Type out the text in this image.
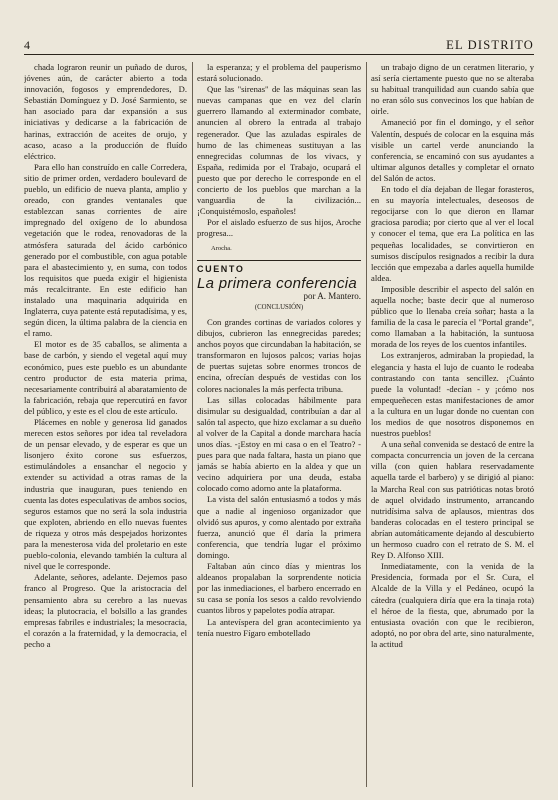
4	EL DISTRITO

chada lograron reunir un puñado de duros, jóvenes aún, de carácter abierto a toda innovación, fogosos y emprendedores, D. Sebastián Domínguez y D. José Sarmiento, se han asociado para dar expansión a sus iniciativas y dedicarse a la fabricación de harinas, extracción de aceites de orujo, y acaso, acaso a la producción de fluído eléctrico.

Para ello han construído en calle Corredera, sitio de primer orden, verdadero boulevard de pueblo, un edificio de nueva planta, amplio y oreado, con grandes ventanales que establezcan sanas corrientes de aire impregnado del oxígeno de lo abundosa vegetación que le rodea, renovadoras de la atmósfera saturada del ácido carbónico generado por el combustible, con agua potable para el abastecimiento y, en suma, con todos los requisitos que pueda exigir el higienista más recalcitrante. En este edificio han instalado una maquinaria adquirida en Inglaterra, cuya patente está reputadísima, y es, según dicen, la última palabra de la ciencia en el ramo.

El motor es de 35 caballos, se alimenta a base de carbón, y siendo el vegetal aquí muy económico, pues este pueblo es un abundante centro productor de esta materia prima, necesariamente contribuirá al abaratamiento de la fabricación, rebaja que repercutirá en favor del público, y este es el clou de este artículo.

Plácemes en noble y generosa lid ganados merecen estos señores por idea tal reveladora de un pensar elevado, y de esperar es que un lisonjero éxito corone sus esfuerzos, estimulándoles a ensanchar el negocio y extender su actividad a otras ramas de la industria que inauguran, pues teniendo en cuenta las dotes especulativas de ambos socios, seguros estamos que no será la sola industria que exploten, abriendo en ello nuevas fuentes de riqueza y otros más despejados horizontes para la menesterosa vida del proletario en este pueblo-colonia, elevando también la cultura al nivel que le corresponde.

Adelante, señores, adelante. Dejemos paso franco al Progreso. Que la aristocracia del pensamiento abra su cerebro a las nuevas ideas; la plutocracia, el bolsillo a las grandes empresas fabriles e industriales; la mesocracia, el corazón a la fraternidad, y la democracia, el pecho a

la esperanza; y el problema del pauperismo estará solucionado.

Que las "sirenas" de las máquinas sean las nuevas campanas que en vez del clarín guerrero llamando al exterminador combate, anuncien al obrero la entrada al trabajo regenerador. Que las azuladas espirales de humo de las chimeneas sustituyan a las ennegrecidas columnas de los vivacs, y España, redimida por el Trabajo, ocupará el puesto que por derecho le corresponde en el concierto de los pueblos que marchan a la vanguardia de la civilización... ¡Conquistémoslo, españoles!

Por el aislado esfuerzo de sus hijos, Aroche progresa...

Arocha.

CUENTO

La primera conferencia

por A. Mantero.

(CONCLUSIÓN)

Con grandes cortinas de variados colores y dibujos, cubrieron las ennegrecidas paredes; anchos poyos que circundaban la habitación, se transformaron en lujosos palcos; varias hojas de puertas sujetas sobre enormes troncos de encina, ofrecían después de vestidas con los colores nacionales la más perfecta tribuna.

Las sillas colocadas hábilmente para disimular su desigualdad, contribuían a dar al salón tal aspecto, que hizo exclamar a su dueño al volver de la Capital a donde marchara hacía unos días. -¡Estoy en mi casa o en el Teatro? - pues para que nada faltara, hasta un piano que jamás se había abierto en la aldea y que un vecino adquiriera por una deuda, estaba colocado como adorno ante la plataforma.

La vista del salón entusiasmó a todos y más que a nadie al ingenioso organizador que olvidó sus apuros, y como alentado por extraña fuerza, anunció que él daría la primera conferencia, que tendría lugar el próximo domingo.

Faltaban aún cinco días y mientras los aldeanos propalaban la sorprendente noticia por las inmediaciones, el barbero encerrado en su casa se ponía los sesos a caldo revolviendo cuantos libros y papelotes podía atrapar.

La antevíspera del gran acontecimiento ya tenía nuestro Fígaro embotellado

un trabajo digno de un ceratmen literario, y así sería ciertamente puesto que no se alteraba su habitual tranquilidad aun cuando sabía que no eran sólo sus convecinos los que habían de oirle.

Amaneció por fin el domingo, y el señor Valentín, después de colocar en la esquina más visible un cartel verde anunciando la conferencia, se encaminó con sus ayudantes a ultimar algunos detalles y completar el ornato del Salón de actos.

En todo el día dejaban de llegar forasteros, en su mayoría intelectuales, deseosos de regocijarse con lo que dieron en llamar graciosa parodia; por cierto que al ver el local y conocer el tema, que era La política en las pequeñas localidades, se convirtieron en sumisos discípulos resignados a recibir la dura lección que empezaba a darles aquella humilde aldea.

Imposible describir el aspecto del salón en aquella noche; baste decir que al numeroso público que lo llenaba creía soñar; hasta a la familia de la casa le parecía el "Portal grande", como llamaban a la habitación, la suntuosa morada de los reyes de los cuentos infantiles.

Los extranjeros, admiraban la propiedad, la elegancia y hasta el lujo de cuanto le rodeaba contrastando con tanta sencillez. ¡Cuánto puede la voluntad! -decían - y ¡cómo nos empequeñecen estas manifestaciones de amor a la cultura en un lugar donde no cuentan con los medios de que nosotros disponemos en nuestros pueblos!

A una señal convenida se destacó de entre la compacta concurrencia un joven de la cercana villa (con quien hablara reservadamente aquella tarde el barbero) y se dirigió al piano: la Marcha Real con sus patrióticas notas brotó de aquel olvidado instrumento, arrancando nutridísima salva de aplausos, mientras dos banderas colocadas en el testero principal se abrían automáticamente dejando al descubierto un hermoso cuadro con el retrato de S. M. el Rey D. Alfonso XIII.

Inmediatamente, con la venida de la Presidencia, formada por el Sr. Cura, el Alcalde de la Villa y el Pedáneo, ocupó la cátedra (cualquiera diría que era la tinaja rota) el héroe de la fiesta, que, abrumado por la entusiasta ovación con que le recibieron, adoptó, no por obra del arte, sino naturalmente, la actitud
